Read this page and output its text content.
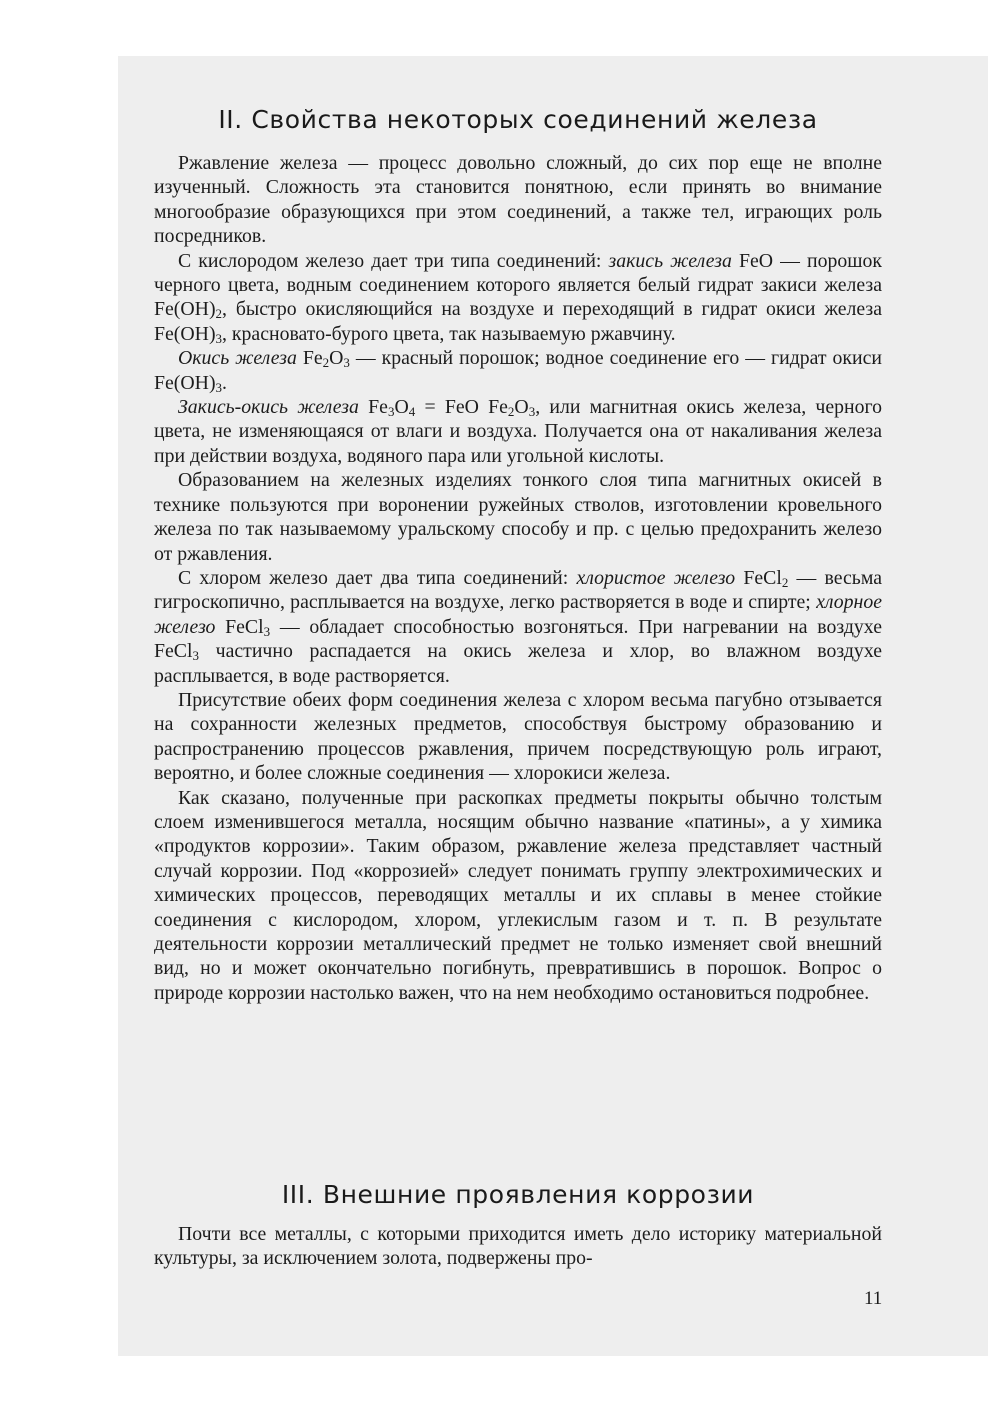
II. Свойства некоторых соединений железа

Ржавление железа — процесс довольно сложный, до сих пор еще не вполне изученный. Сложность эта становится понятною, если принять во внимание многообразие образующихся при этом соединений, а также тел, играющих роль посредников.

С кислородом железо дает три типа соединений: закись железа FeO — порошок черного цвета, водным соединением которого является белый гидрат закиси железа $Fe(OH)_2$, быстро окисляющийся на воздухе и переходящий в гидрат окиси железа $Fe(OH)_3$, красновато-бурого цвета, так называемую ржавчину.

Окись железа $Fe_2O_3$ — красный порошок; водное соединение его — гидрат окиси $Fe(OH)_3$.

Закись-окись железа $Fe_3O_4$ = FeO $Fe_2O_3$, или магнитная окись железа, черного цвета, не изменяющаяся от влаги и воздуха. Получается она от накаливания железа при действии воздуха, водяного пара или угольной кислоты.

Образованием на железных изделиях тонкого слоя типа магнитных окисей в технике пользуются при воронении ружейных стволов, изготовлении кровельного железа по так называемому уральскому способу и пр. с целью предохранить железо от ржавления.

С хлором железо дает два типа соединений: хлористое железо FeCl$_2$ — весьма гигроскопично, расплывается на воздухе, легко растворяется в воде и спирте; хлорное железо FeCl$_3$ — обладает способностью возгоняться. При нагревании на воздухе FeCl$_3$ частично распадается на окись железа и хлор, во влажном воздухе расплывается, в воде растворяется.

Присутствие обеих форм соединения железа с хлором весьма пагубно отзывается на сохранности железных предметов, способствуя быстрому образованию и распространению процессов ржавления, причем посредствующую роль играют, вероятно, и более сложные соединения — хлорокиси железа.

Как сказано, полученные при раскопках предметы покрыты обычно толстым слоем изменившегося металла, носящим обычно название «патины», а у химика «продуктов коррозии». Таким образом, ржавление железа представляет частный случай коррозии. Под «коррозией» следует понимать группу электрохимических и химических процессов, переводящих металлы и их сплавы в менее стойкие соединения с кислородом, хлором, углекислым газом и т. п. В результате деятельности коррозии металлический предмет не только изменяет свой внешний вид, но и может окончательно погибнуть, превратившись в порошок. Вопрос о природе коррозии настолько важен, что на нем необходимо остановиться подробнее.

III. Внешние проявления коррозии

Почти все металлы, с которыми приходится иметь дело историку материальной культуры, за исключением золота, подвержены про-

11
